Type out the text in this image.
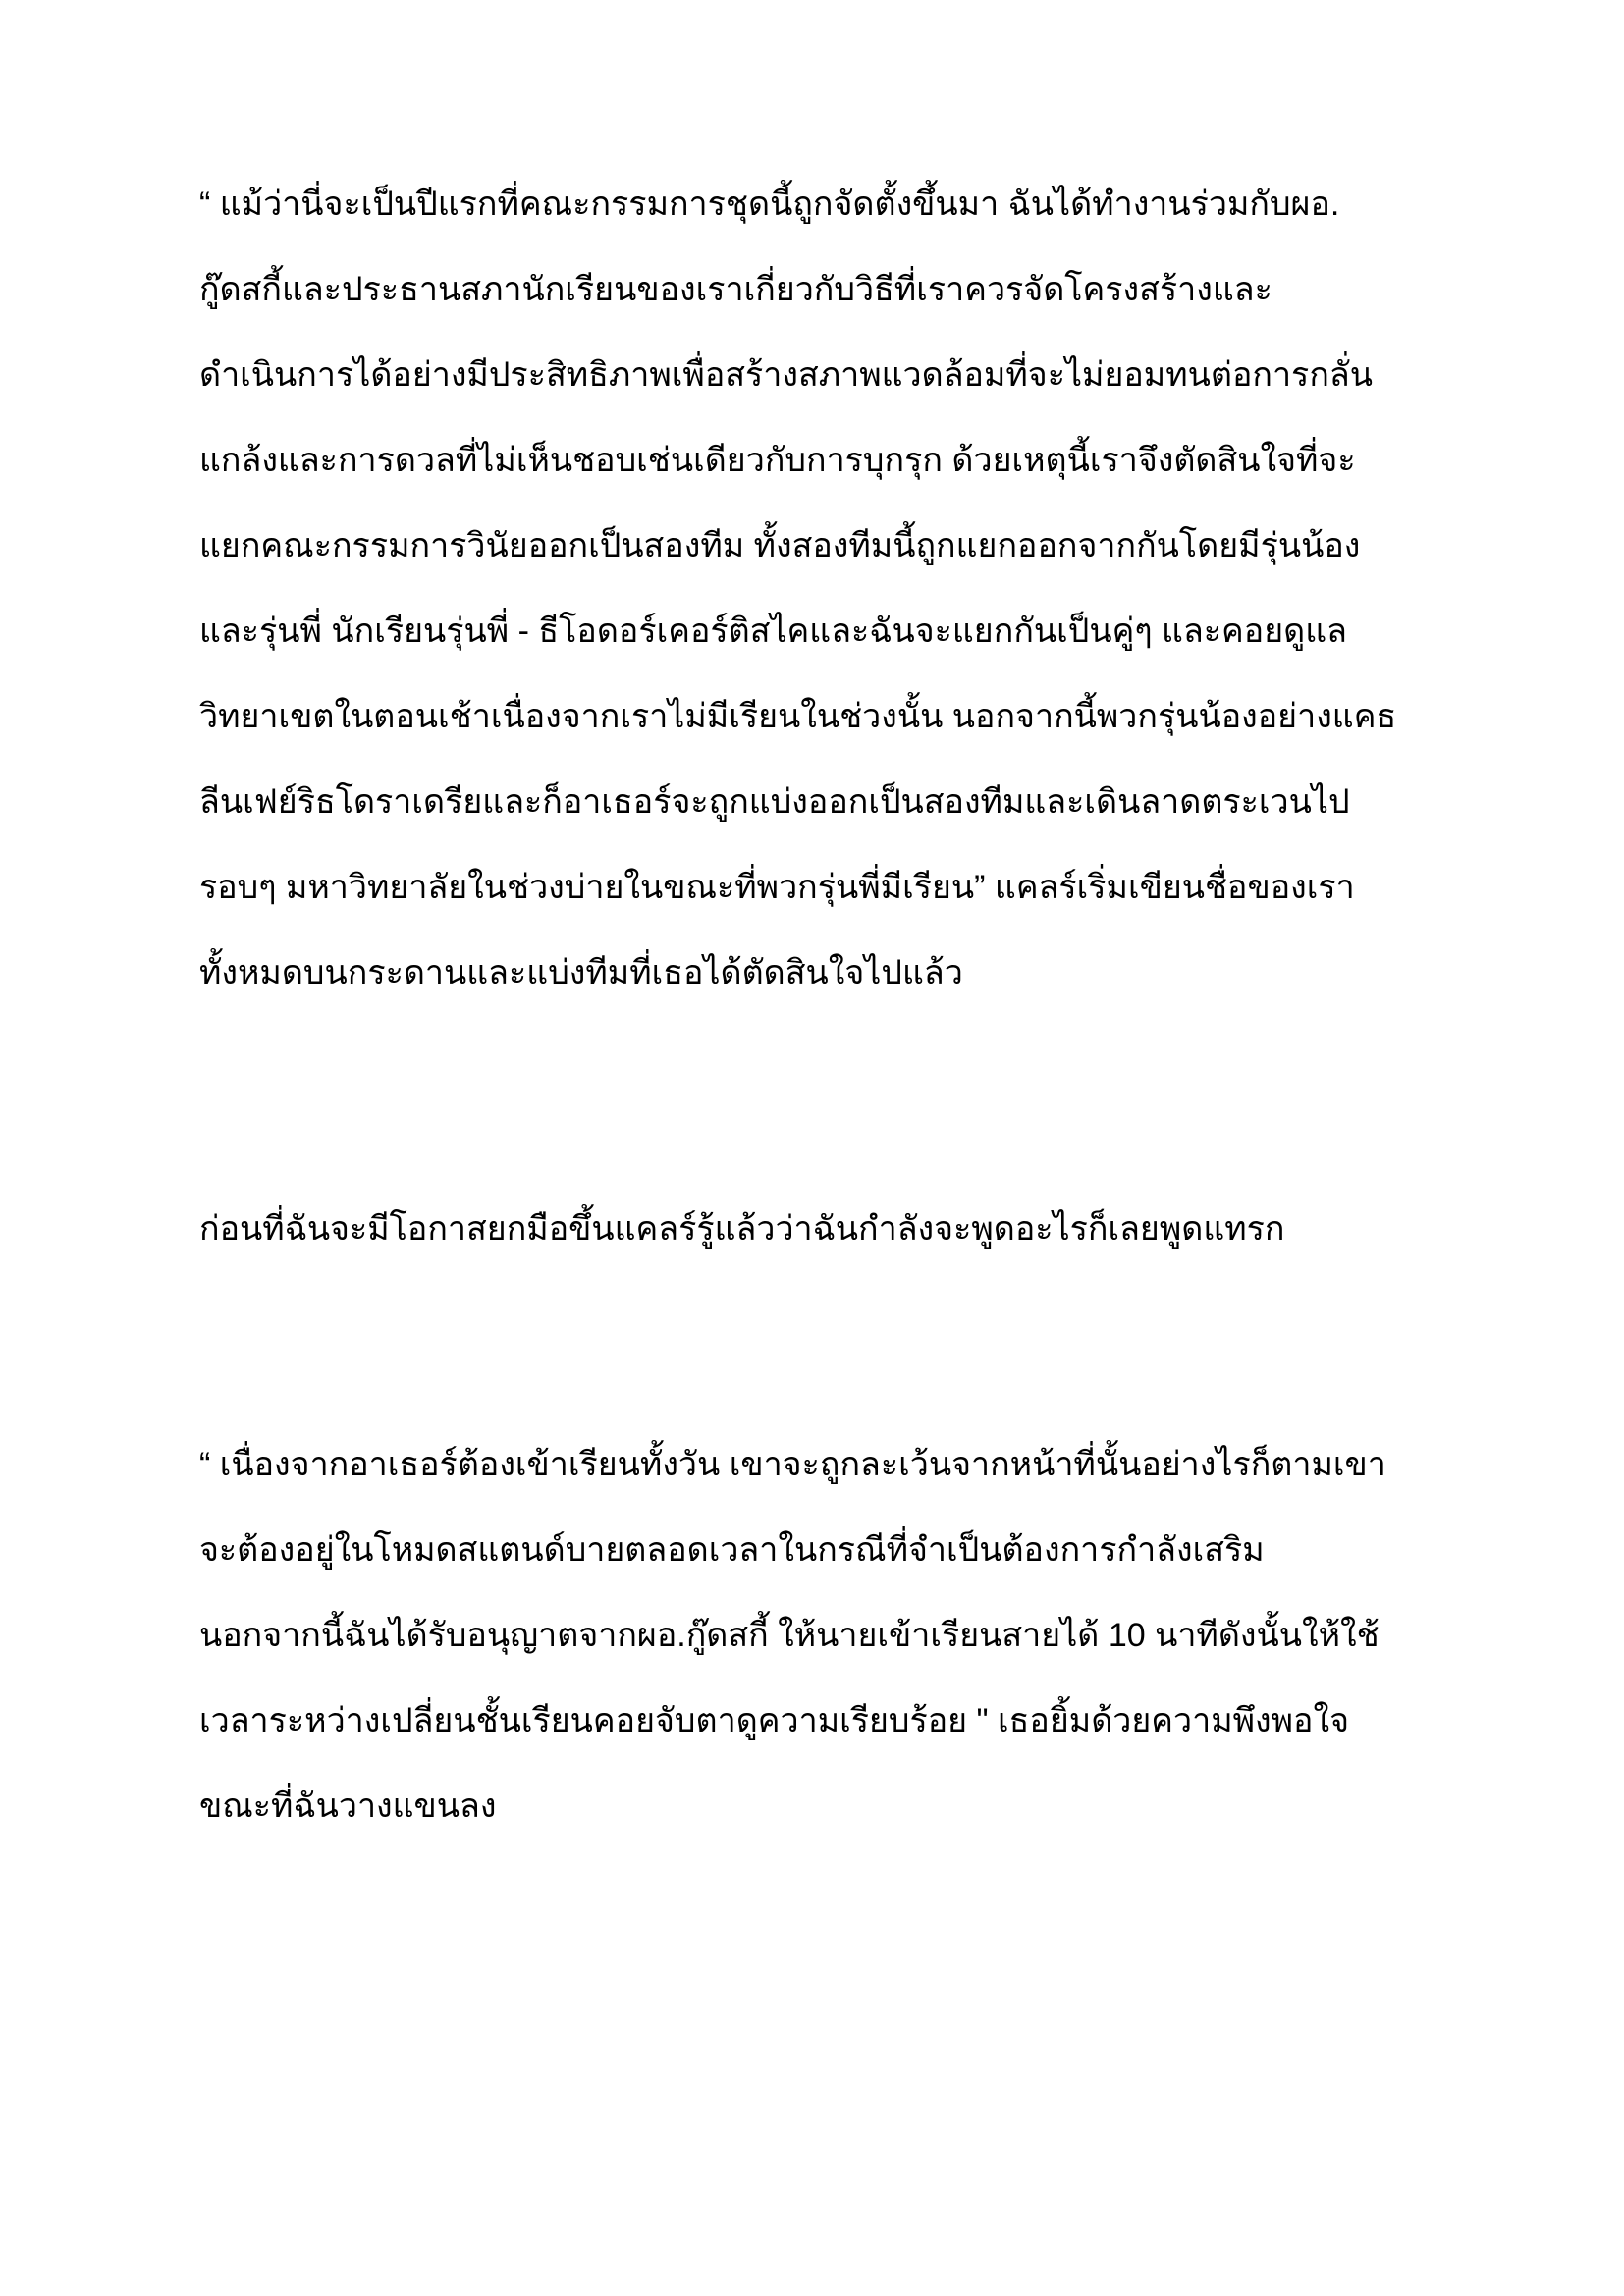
“ แม้ว่านี่จะเป็นปีแรกที่คณะกรรมการชุดนี้ถูกจัดตั้งขึ้นมา ฉันได้ทำงานร่วมกับผอ.
กู๊ดสกี้และประธานสภานักเรียนของเราเกี่ยวกับวิธีที่เราควรจัดโครงสร้างและ
ดำเนินการได้อย่างมีประสิทธิภาพเพื่อสร้างสภาพแวดล้อมที่จะไม่ยอมทนต่อการกลั่น
แกล้งและการดวลที่ไม่เห็นชอบเช่นเดียวกับการบุกรุก ด้วยเหตุนี้เราจึงตัดสินใจที่จะ
แยกคณะกรรมการวินัยออกเป็นสองทีม ทั้งสองทีมนี้ถูกแยกออกจากกันโดยมีรุ่นน้อง
และรุ่นพี่ นักเรียนรุ่นพี่ - ธีโอดอร์เคอร์ติสไคและฉันจะแยกกันเป็นคู่ๆ และคอยดูแล
วิทยาเขตในตอนเช้าเนื่องจากเราไม่มีเรียนในช่วงนั้น นอกจากนี้พวกรุ่นน้องอย่างแคธ
ลีนเฟย์ริธโดราเดรียและก็อาเธอร์จะถูกแบ่งออกเป็นสองทีมและเดินลาดตระเวนไป
รอบๆ มหาวิทยาลัยในช่วงบ่ายในขณะที่พวกรุ่นพี่มีเรียน” แคลร์เริ่มเขียนชื่อของเรา
ทั้งหมดบนกระดานและแบ่งทีมที่เธอได้ตัดสินใจไปแล้ว
ก่อนที่ฉันจะมีโอกาสยกมือขึ้นแคลร์รู้แล้วว่าฉันกำลังจะพูดอะไรก็เลยพูดแทรก
“ เนื่องจากอาเธอร์ต้องเข้าเรียนทั้งวัน เขาจะถูกละเว้นจากหน้าที่นั้นอย่างไรก็ตามเขา
จะต้องอยู่ในโหมดสแตนด์บายตลอดเวลาในกรณีที่จำเป็นต้องการกำลังเสริม
นอกจากนี้ฉันได้รับอนุญาตจากผอ.กู๊ดสกี้ ให้นายเข้าเรียนสายได้ 10 นาทีดังนั้นให้ใช้
เวลาระหว่างเปลี่ยนชั้นเรียนคอยจับตาดูความเรียบร้อย " เธอยิ้มด้วยความพึงพอใจ
ขณะที่ฉันวางแขนลง
